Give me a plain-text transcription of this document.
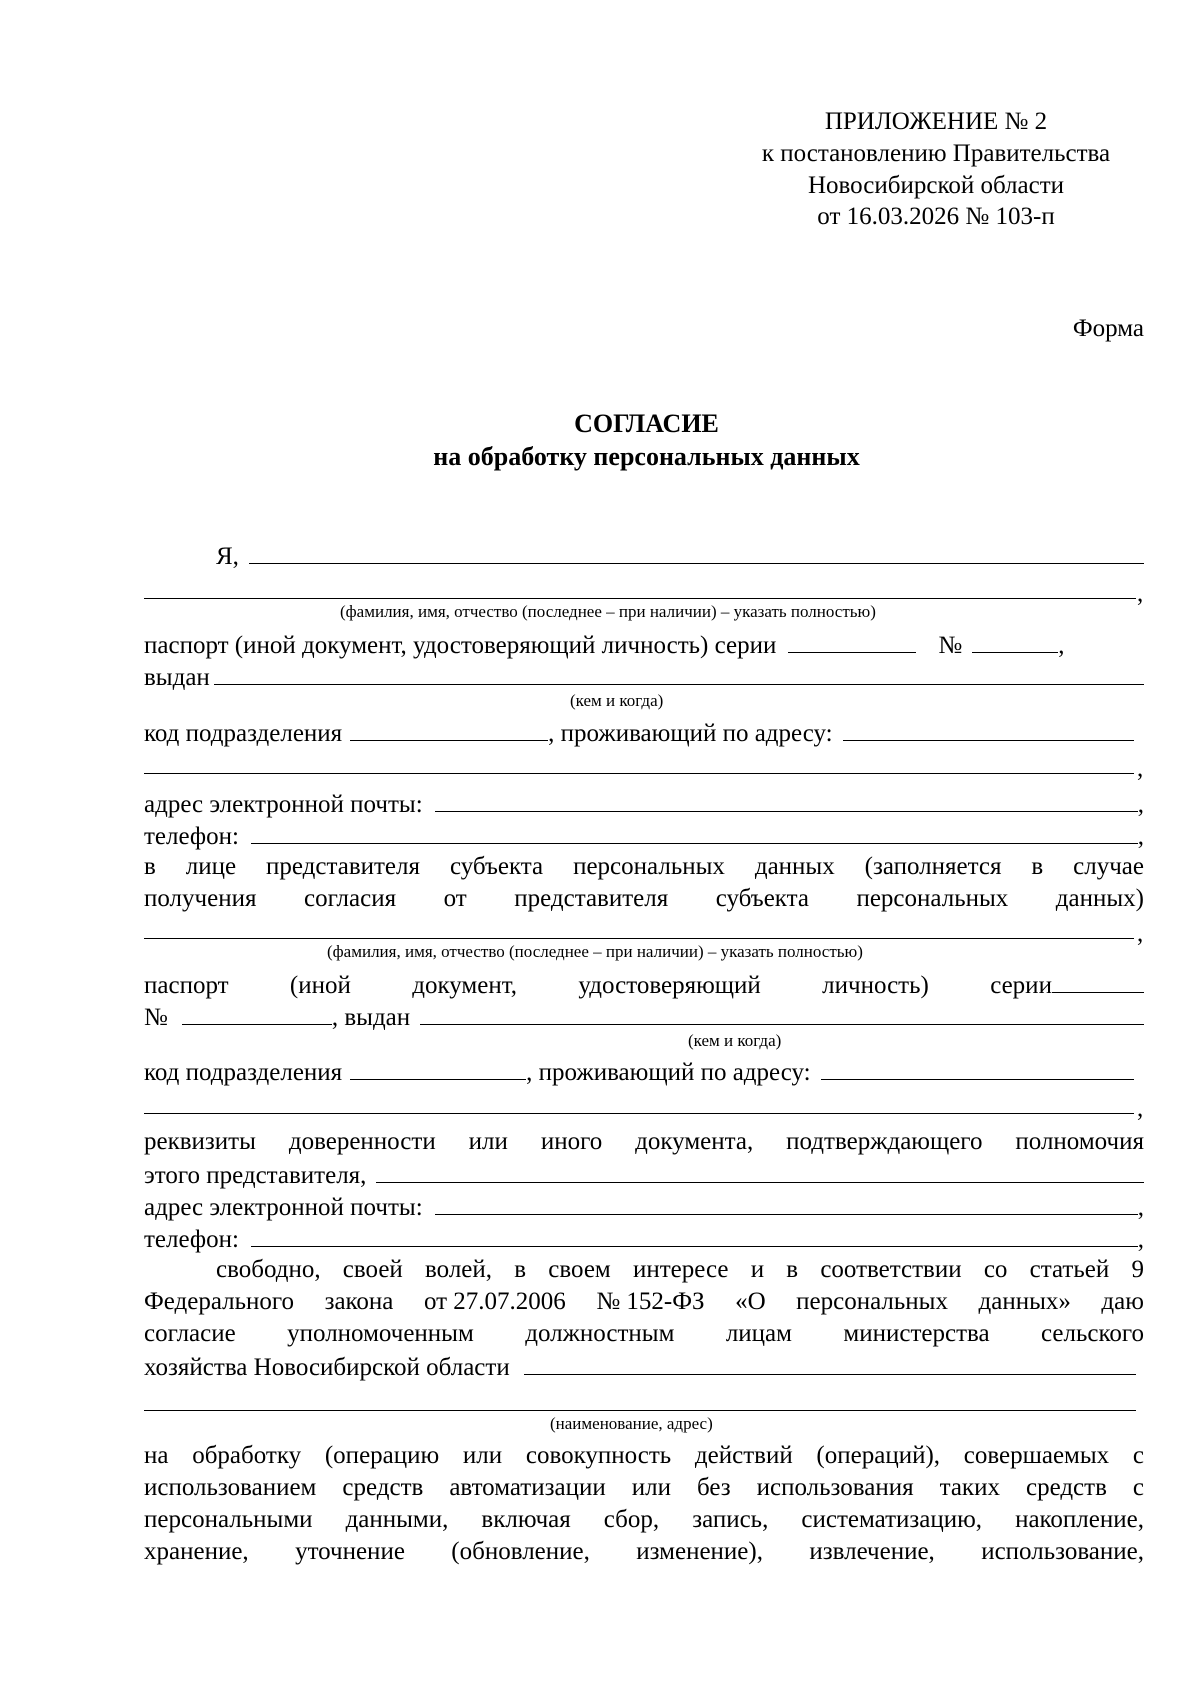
ПРИЛОЖЕНИЕ № 2
к постановлению Правительства
Новосибирской области
от 16.03.2026 № 103-п
Форма
СОГЛАСИЕ
на обработку персональных данных
Я,
,
(фамилия, имя, отчество (последнее – при наличии) – указать полностью)
паспорт (иной документ, удостоверяющий личность) серии	№	,
выдан
(кем и когда)
код подразделения	, проживающий по адресу:
,
адрес электронной почты:	,
телефон:	,
в лице представителя субъекта персональных данных (заполняется в случае
получения согласия от представителя субъекта персональных данных)
,
(фамилия, имя, отчество (последнее – при наличии) – указать полностью)
паспорт (иной документ, удостоверяющий личность) серии
№	, выдан
(кем и когда)
код подразделения	, проживающий по адресу:
,
реквизиты доверенности или иного документа, подтверждающего полномочия
этого представителя,
адрес электронной почты:	,
телефон:	,
свободно, своей волей, в своем интересе и в соответствии со статьей 9
Федерального закона от 27.07.2006 № 152-ФЗ «О персональных данных» даю
согласие уполномоченным должностным лицам министерства сельского
хозяйства Новосибирской области
(наименование, адрес)
на обработку (операцию или совокупность действий (операций), совершаемых с
использованием средств автоматизации или без использования таких средств с
персональными данными, включая сбор, запись, систематизацию, накопление,
хранение, уточнение (обновление, изменение), извлечение, использование,
